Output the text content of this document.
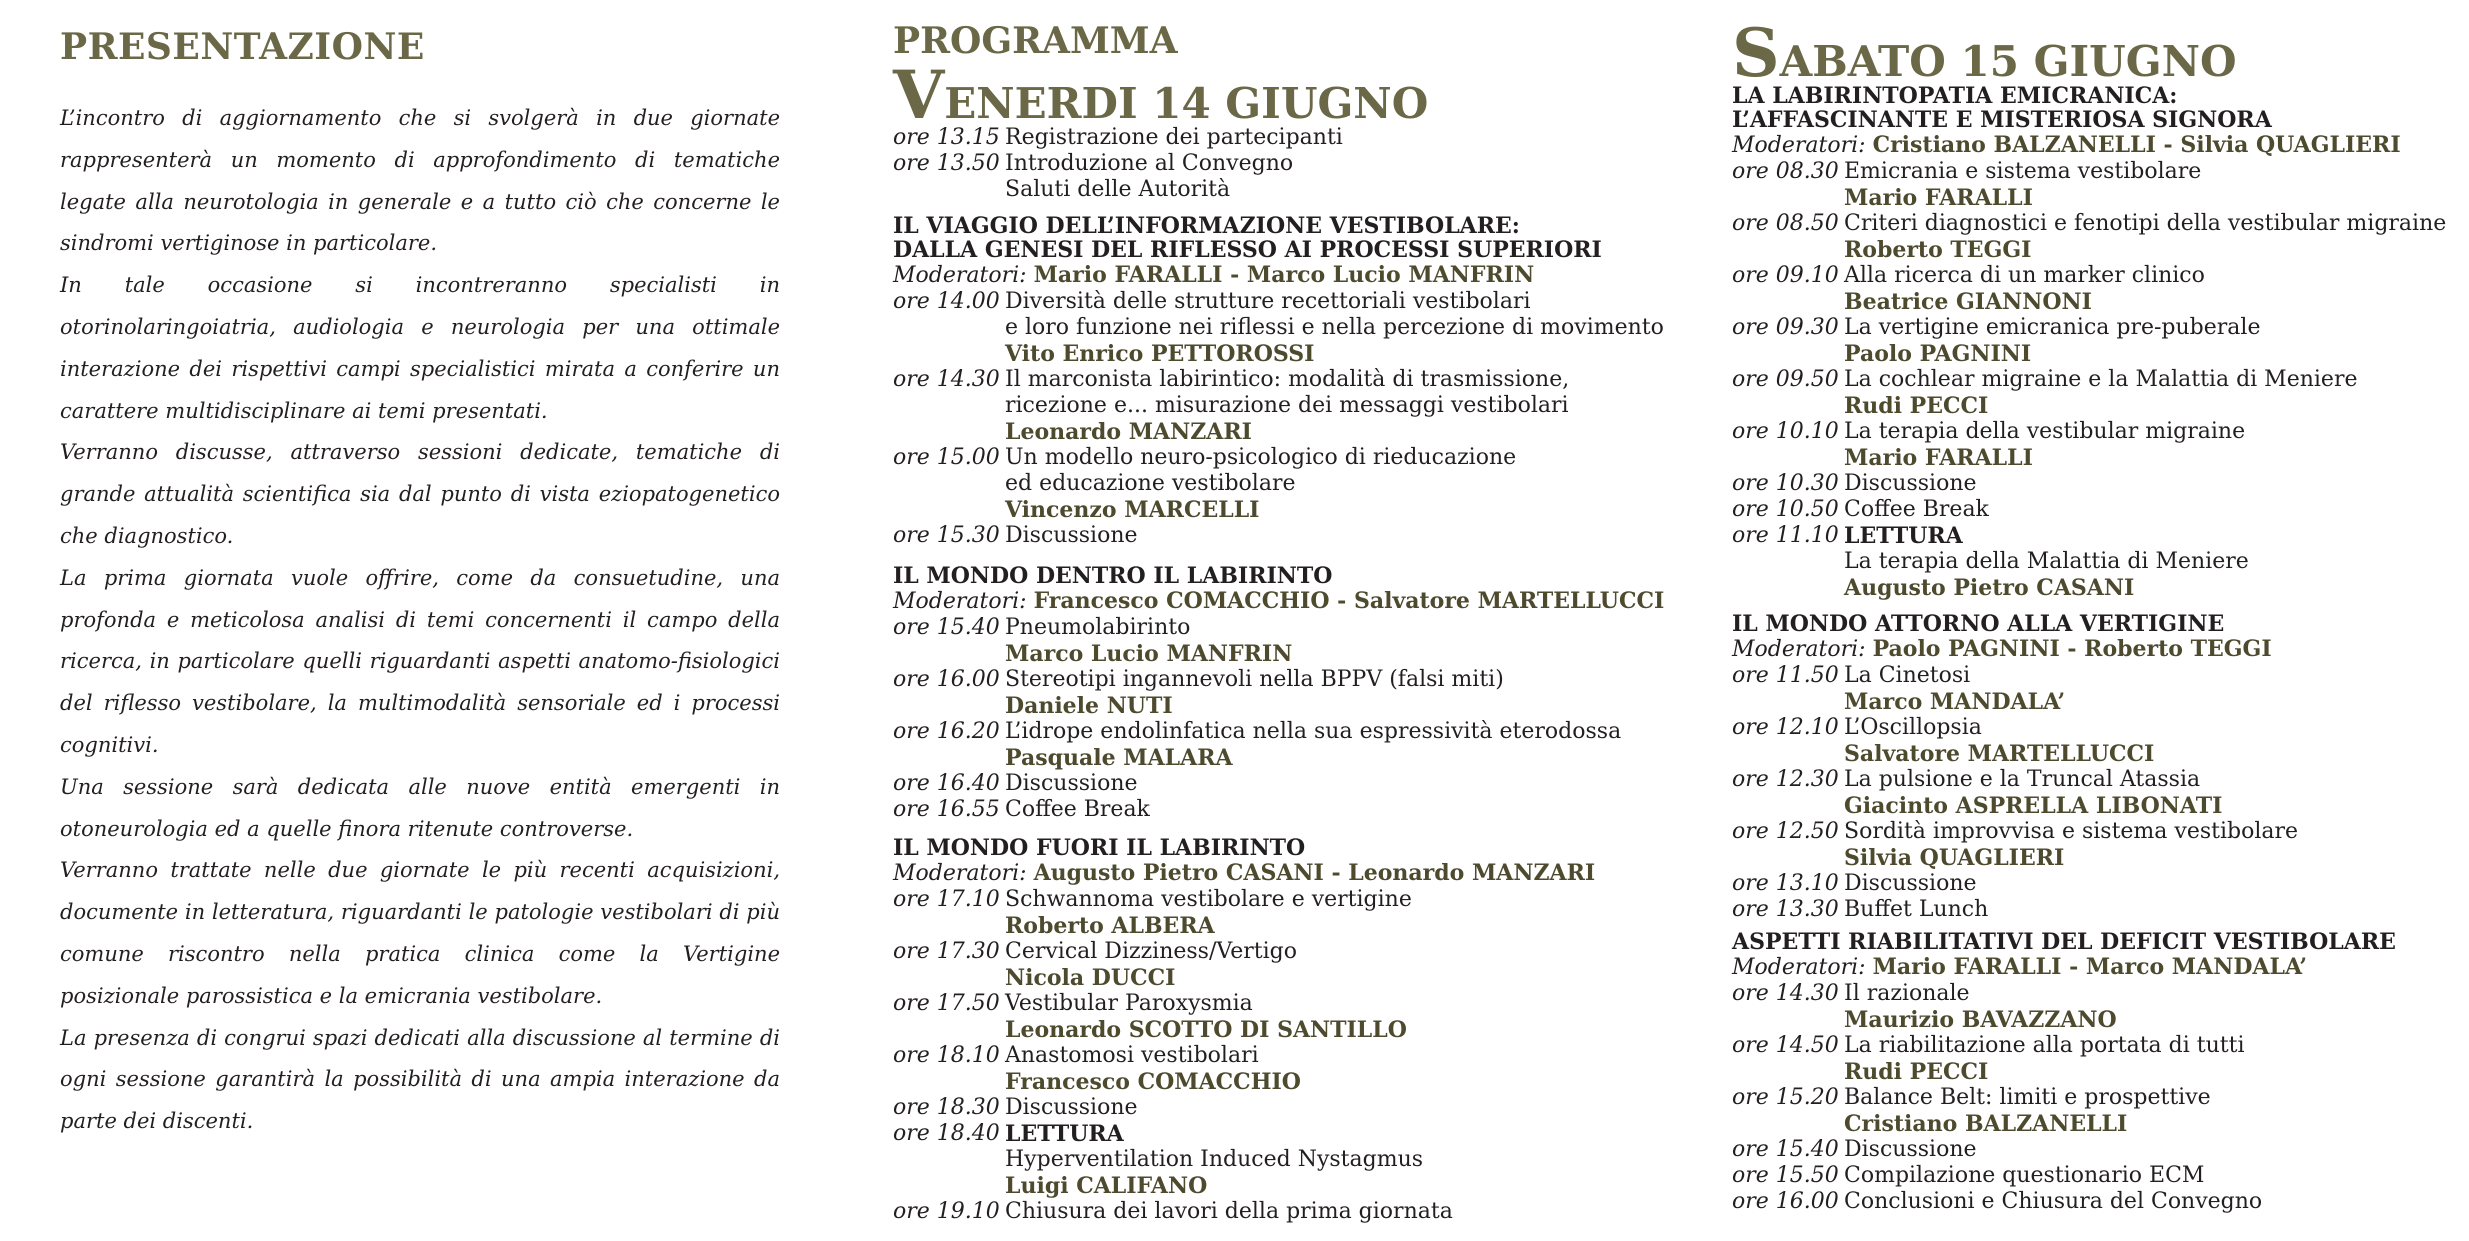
PRESENTAZIONE

L’incontro di aggiornamento che si svolgerà in due giornate rappresenterà un momento di approfondimento di tematiche legate alla neurotologia in generale e a tutto ciò che concerne le sindromi vertiginose in particolare.

In tale occasione si incontreranno specialisti in otorinolaringoiatria, audiologia e neurologia per una ottimale interazione dei rispettivi campi specialistici mirata a conferire un carattere multidisciplinare ai temi presentati.

Verranno discusse, attraverso sessioni dedicate, tematiche di grande attualità scientifica sia dal punto di vista eziopatogenetico che diagnostico.

La prima giornata vuole offrire, come da consuetudine, una profonda e meticolosa analisi di temi concernenti il campo della ricerca, in particolare quelli riguardanti aspetti anatomo-fisiologici del riflesso vestibolare, la multimodalità sensoriale ed i processi cognitivi.

Una sessione sarà dedicata alle nuove entità emergenti in otoneurologia ed a quelle finora ritenute controverse.

Verranno trattate nelle due giornate le più recenti acquisizioni, documente in letteratura, riguardanti le patologie vestibolari di più comune riscontro nella pratica clinica come la Vertigine posizionale parossistica e la emicrania vestibolare.

La presenza di congrui spazi dedicati alla discussione al termine di ogni sessione garantirà la possibilità di una ampia interazione da parte dei discenti.

PROGRAMMA
VENERDI 14 GIUGNO
ore 13.15 Registrazione dei partecipanti
ore 13.50 Introduzione al Convegno
Saluti delle Autorità
IL VIAGGIO DELL’INFORMAZIONE VESTIBOLARE:
DALLA GENESI DEL RIFLESSO AI PROCESSI SUPERIORI
Moderatori: Mario FARALLI - Marco Lucio MANFRIN
ore 14.00 Diversità delle strutture recettoriali vestibolari
e loro funzione nei riflessi e nella percezione di movimento
Vito Enrico PETTOROSSI
ore 14.30 Il marconista labirintico: modalità di trasmissione,
ricezione e... misurazione dei messaggi vestibolari
Leonardo MANZARI
ore 15.00 Un modello neuro-psicologico di rieducazione
ed educazione vestibolare
Vincenzo MARCELLI
ore 15.30 Discussione
IL MONDO DENTRO IL LABIRINTO
Moderatori: Francesco COMACCHIO - Salvatore MARTELLUCCI
ore 15.40 Pneumolabirinto
Marco Lucio MANFRIN
ore 16.00 Stereotipi ingannevoli nella BPPV (falsi miti)
Daniele NUTI
ore 16.20 L’idrope endolinfatica nella sua espressività eterodossa
Pasquale MALARA
ore 16.40 Discussione
ore 16.55 Coffee Break
IL MONDO FUORI IL LABIRINTO
Moderatori: Augusto Pietro CASANI - Leonardo MANZARI
ore 17.10 Schwannoma vestibolare e vertigine
Roberto ALBERA
ore 17.30 Cervical Dizziness/Vertigo
Nicola DUCCI
ore 17.50 Vestibular Paroxysmia
Leonardo SCOTTO DI SANTILLO
ore 18.10 Anastomosi vestibolari
Francesco COMACCHIO
ore 18.30 Discussione
ore 18.40 LETTURA
Hyperventilation Induced Nystagmus
Luigi CALIFANO
ore 19.10 Chiusura dei lavori della prima giornata
SABATO 15 GIUGNO
LA LABIRINTOPATIA EMICRANICA:
L’AFFASCINANTE E MISTERIOSA SIGNORA
Moderatori: Cristiano BALZANELLI - Silvia QUAGLIERI
ore 08.30 Emicrania e sistema vestibolare
Mario FARALLI
ore 08.50 Criteri diagnostici e fenotipi della vestibular migraine
Roberto TEGGI
ore 09.10 Alla ricerca di un marker clinico
Beatrice GIANNONI
ore 09.30 La vertigine emicranica pre-puberale
Paolo PAGNINI
ore 09.50 La cochlear migraine e la Malattia di Meniere
Rudi PECCI
ore 10.10 La terapia della vestibular migraine
Mario FARALLI
ore 10.30 Discussione
ore 10.50 Coffee Break
ore 11.10 LETTURA
La terapia della Malattia di Meniere
Augusto Pietro CASANI
IL MONDO ATTORNO ALLA VERTIGINE
Moderatori: Paolo PAGNINI - Roberto TEGGI
ore 11.50 La Cinetosi
Marco MANDALA’
ore 12.10 L’Oscillopsia
Salvatore MARTELLUCCI
ore 12.30 La pulsione e la Truncal Atassia
Giacinto ASPRELLA LIBONATI
ore 12.50 Sordità improvvisa e sistema vestibolare
Silvia QUAGLIERI
ore 13.10 Discussione
ore 13.30 Buffet Lunch
ASPETTI RIABILITATIVI DEL DEFICIT VESTIBOLARE
Moderatori: Mario FARALLI - Marco MANDALA’
ore 14.30 Il razionale
Maurizio BAVAZZANO
ore 14.50 La riabilitazione alla portata di tutti
Rudi PECCI
ore 15.20 Balance Belt: limiti e prospettive
Cristiano BALZANELLI
ore 15.40 Discussione
ore 15.50 Compilazione questionario ECM
ore 16.00 Conclusioni e Chiusura del Convegno
